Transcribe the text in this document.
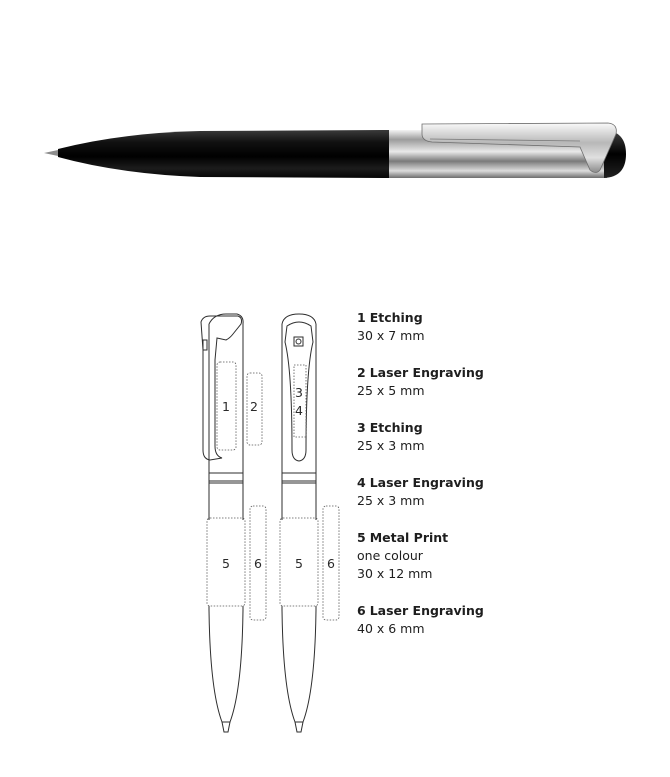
1 2
5 6
3
4
5 6
1 Etching
30 x 7 mm
2 Laser Engraving
25 x 5 mm
3 Etching
25 x 3 mm
4 Laser Engraving
25 x 3 mm
5 Metal Print
one colour
30 x 12 mm
6 Laser Engraving
40 x 6 mm
